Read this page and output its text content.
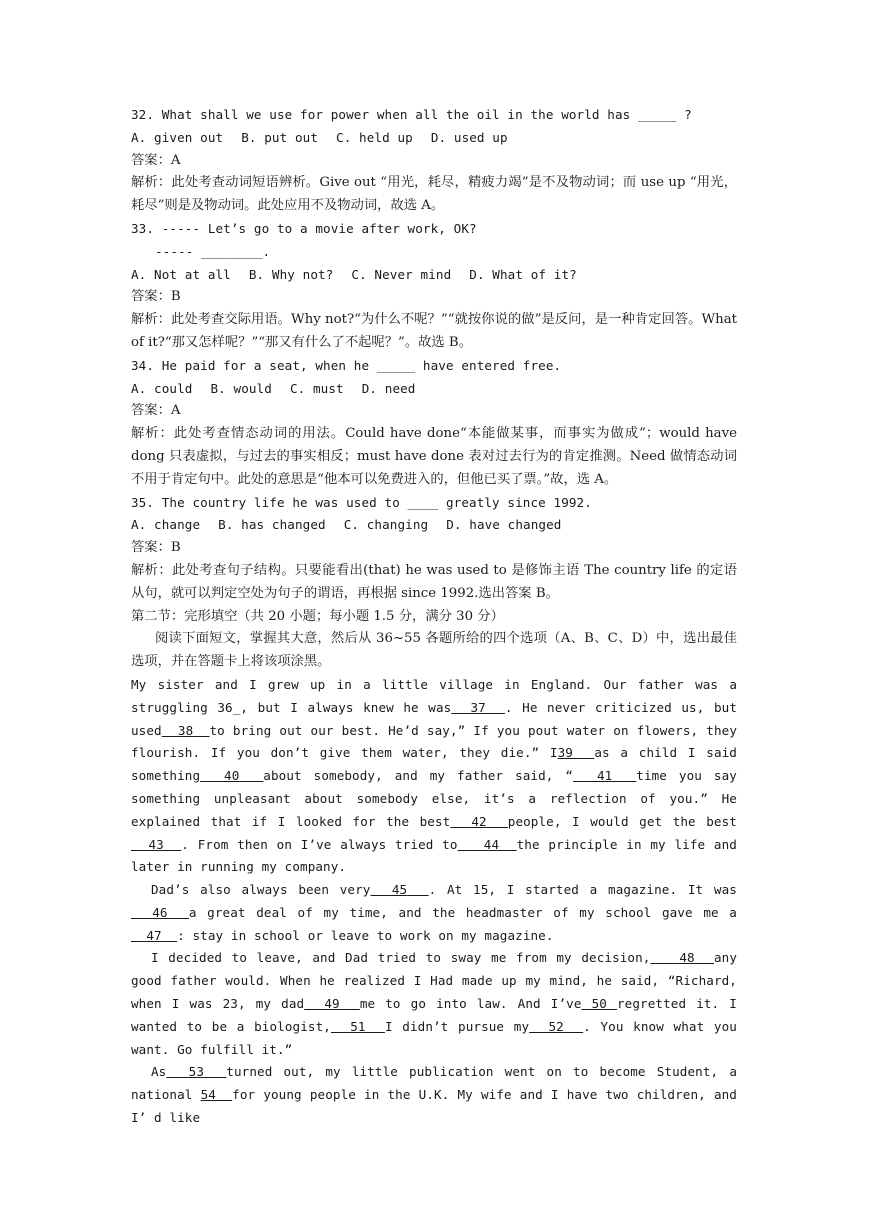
32. What shall we use for power when all the oil in the world has _____ ?
A. given out B. put out C. held up D. used up
答案：A
解析：此处考查动词短语辨析。Give out “用光，耗尽，精疲力竭”是不及物动词；而 use up “用光，耗尽”则是及物动词。此处应用不及物动词，故选 A。
33. ----- Let’s go to a movie after work, OK?
----- ________.
A. Not at all B. Why not? C. Never mind D. What of it?
答案：B
解析：此处考查交际用语。Why not?“为什么不呢？”“就按你说的做”是反问，是一种肯定回答。What of it?“那又怎样呢？”“那又有什么了不起呢？”。故选 B。
34. He paid for a seat, when he _____ have entered free.
A. could B. would C. must D. need
答案：A
解析：此处考查情态动词的用法。Could have done“本能做某事，而事实为做成”；would have dong 只表虚拟，与过去的事实相反；must have done 表对过去行为的肯定推测。Need 做情态动词不用于肯定句中。此处的意思是“他本可以免费进入的，但他已买了票。”故，选 A。
35. The country life he was used to ____ greatly since 1992.
A. change B. has changed C. changing D. have changed
答案：B
解析：此处考查句子结构。只要能看出(that) he was used to 是修饰主语 The country life 的定语从句，就可以判定空处为句子的谓语，再根据 since 1992.选出答案 B。
第二节：完形填空（共 20 小题；每小题 1.5 分，满分 30 分）
阅读下面短文，掌握其大意，然后从 36~55 各题所给的四个选项（A、B、C、D）中，选出最佳选项，并在答题卡上将该项涂黑。
My sister and I grew up in a little village in England. Our father was a struggling 36_, but I always knew he was 37 . He never criticized us, but used 38 to bring out our best. He’d say,” If you pout water on flowers, they flourish. If you don’t give them water, they die.” I39 as a child I said something 40 about somebody, and my father said, “ 41 time you say something unpleasant about somebody else, it’s a reflection of you.” He explained that if I looked for the best 42 people, I would get the best  43 . From then on I’ve always tried to 44 the principle in my life and later in running my company.
Dad’s also always been very 45 . At 15, I started a magazine. It was  46 a great deal of my time, and the headmaster of my school gave me a  47 : stay in school or leave to work on my magazine.
I decided to leave, and Dad tried to sway me from my decision, 48 any good father would. When he realized I Had made up my mind, he said, “Richard, when I was 23, my dad 49 me to go into law. And I’ve 50 regretted it. I wanted to be a biologist, 51 I didn’t pursue my 52 . You know what you want. Go fulfill it.”
As 53 turned out, my little publication went on to become Student, a national 54 for young people in the U.K. My wife and I have two children, and I’ d like
